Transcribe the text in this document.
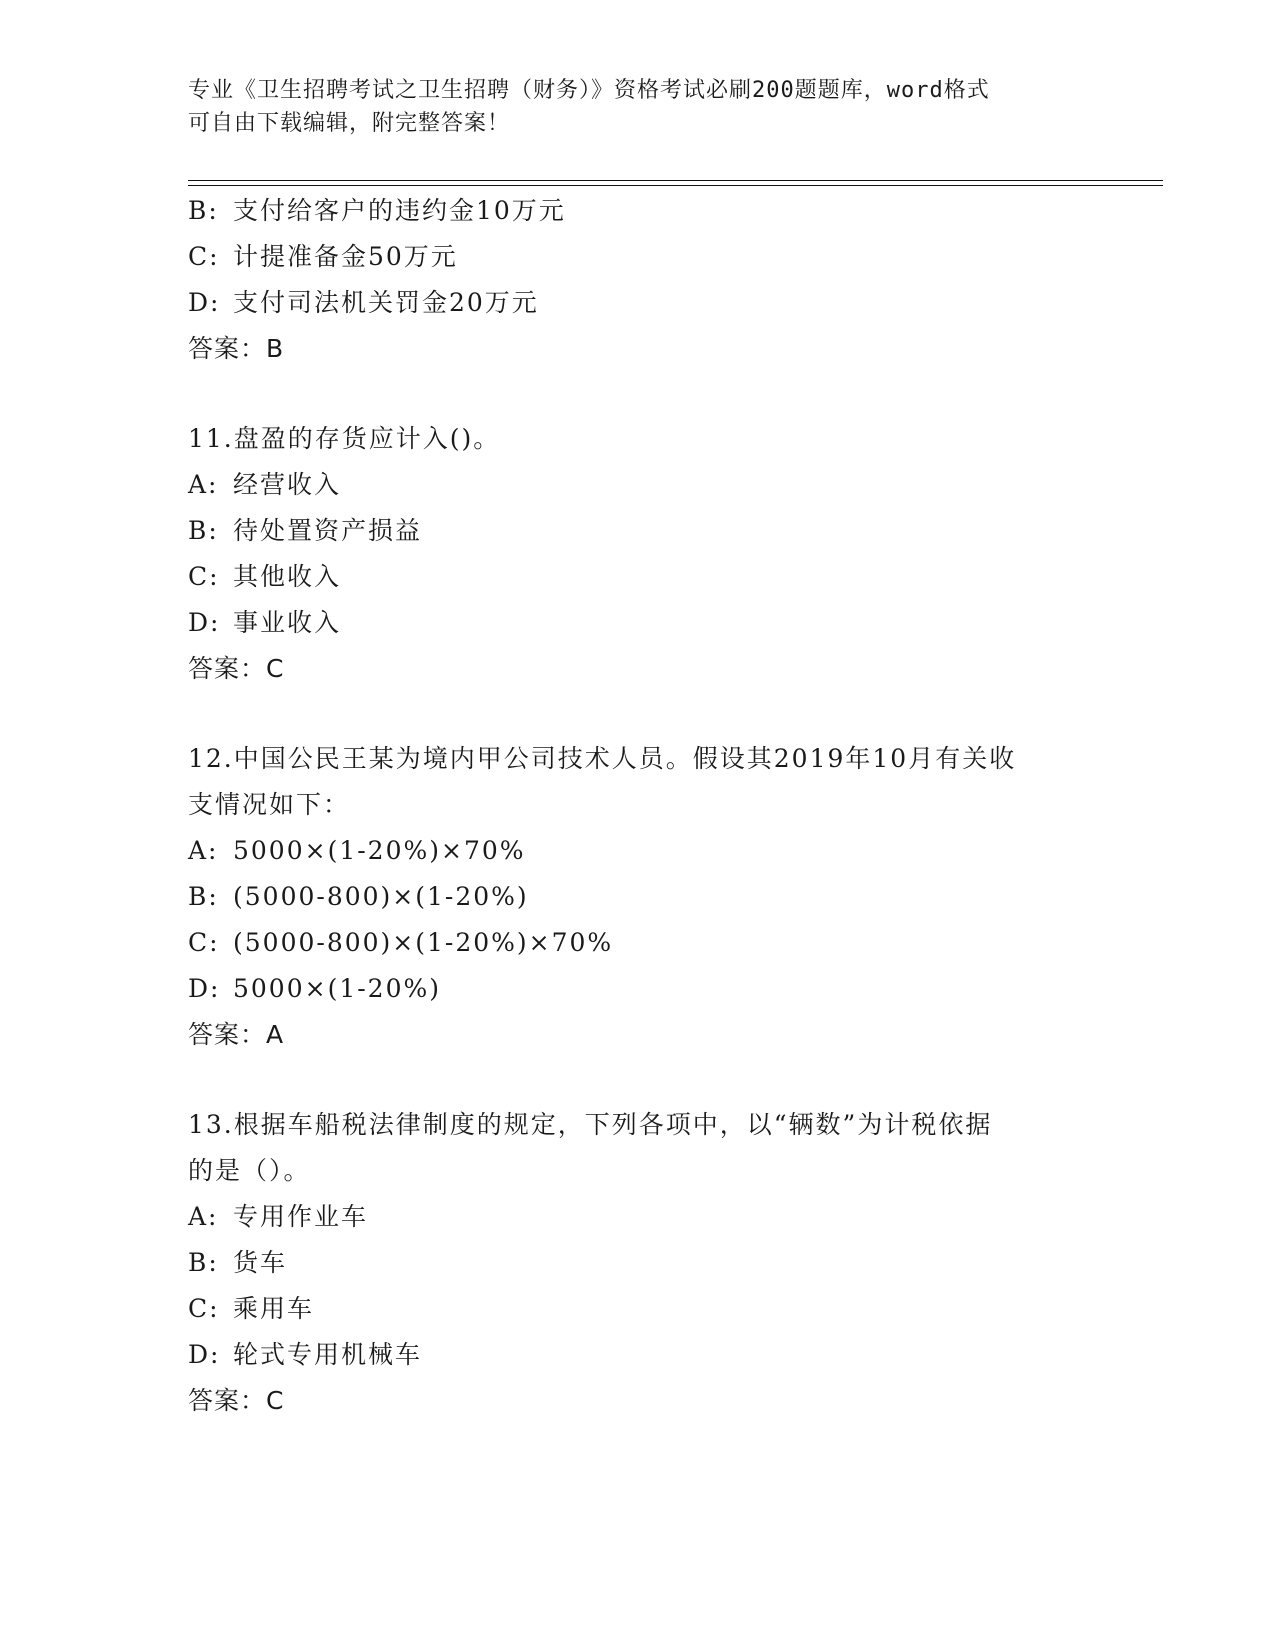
专业《卫生招聘考试之卫生招聘（财务）》资格考试必刷200题题库，word格式
可自由下载编辑，附完整答案！
B: 支付给客户的违约金10万元
C: 计提准备金50万元
D: 支付司法机关罚金20万元
答案：B
11.盘盈的存货应计入()。
A: 经营收入
B: 待处置资产损益
C: 其他收入
D: 事业收入
答案：C
12.中国公民王某为境内甲公司技术人员。假设其2019年10月有关收
支情况如下：
A: 5000×(1-20%)×70%
B: (5000-800)×(1-20%)
C: (5000-800)×(1-20%)×70%
D: 5000×(1-20%)
答案：A
13.根据车船税法律制度的规定，下列各项中，以“辆数”为计税依据
的是（）。
A: 专用作业车
B: 货车
C: 乘用车
D: 轮式专用机械车
答案：C
